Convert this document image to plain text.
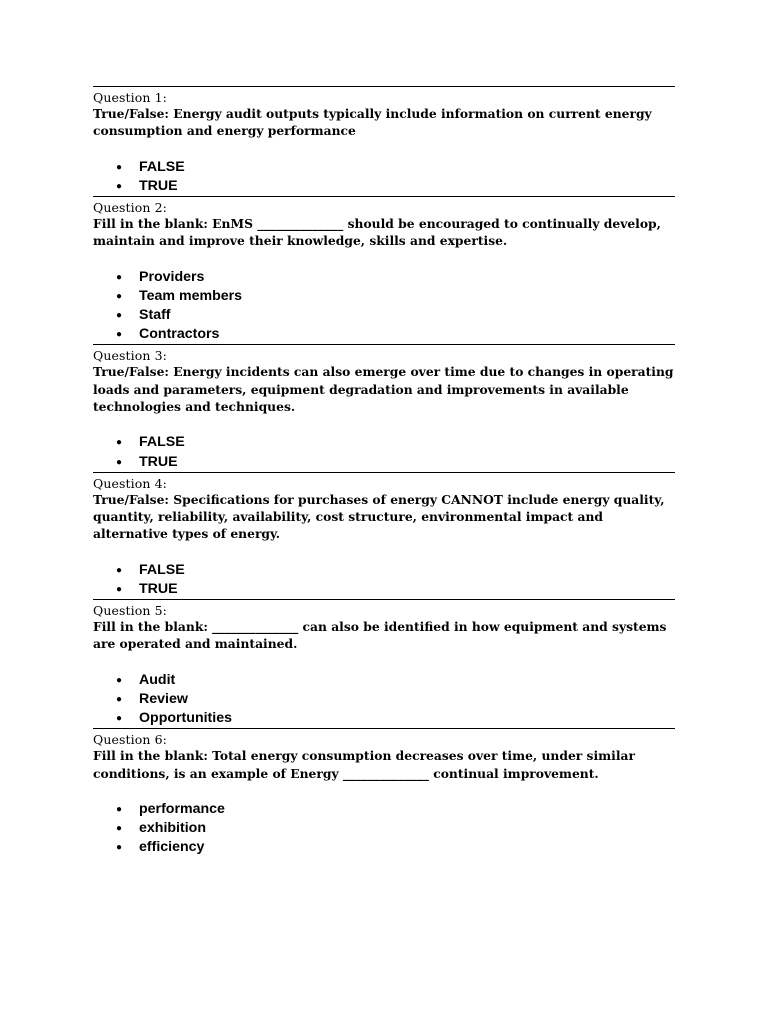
Question 1:

True/False: Energy audit outputs typically include information on current energy consumption and energy performance

● FALSE
● TRUE
Question 2:

Fill in the blank: EnMS ______________ should be encouraged to continually develop, maintain and improve their knowledge, skills and expertise.

● Providers
● Team members
● Staff
● Contractors
Question 3:

True/False: Energy incidents can also emerge over time due to changes in operating loads and parameters, equipment degradation and improvements in available technologies and techniques.

● FALSE
● TRUE
Question 4:

True/False: Specifications for purchases of energy CANNOT include energy quality, quantity, reliability, availability, cost structure, environmental impact and alternative types of energy.

● FALSE
● TRUE
Question 5:

Fill in the blank: ______________ can also be identified in how equipment and systems are operated and maintained.

● Audit
● Review
● Opportunities
Question 6:

Fill in the blank: Total energy consumption decreases over time, under similar conditions, is an example of Energy ______________ continual improvement.

● performance
● exhibition
● efficiency
